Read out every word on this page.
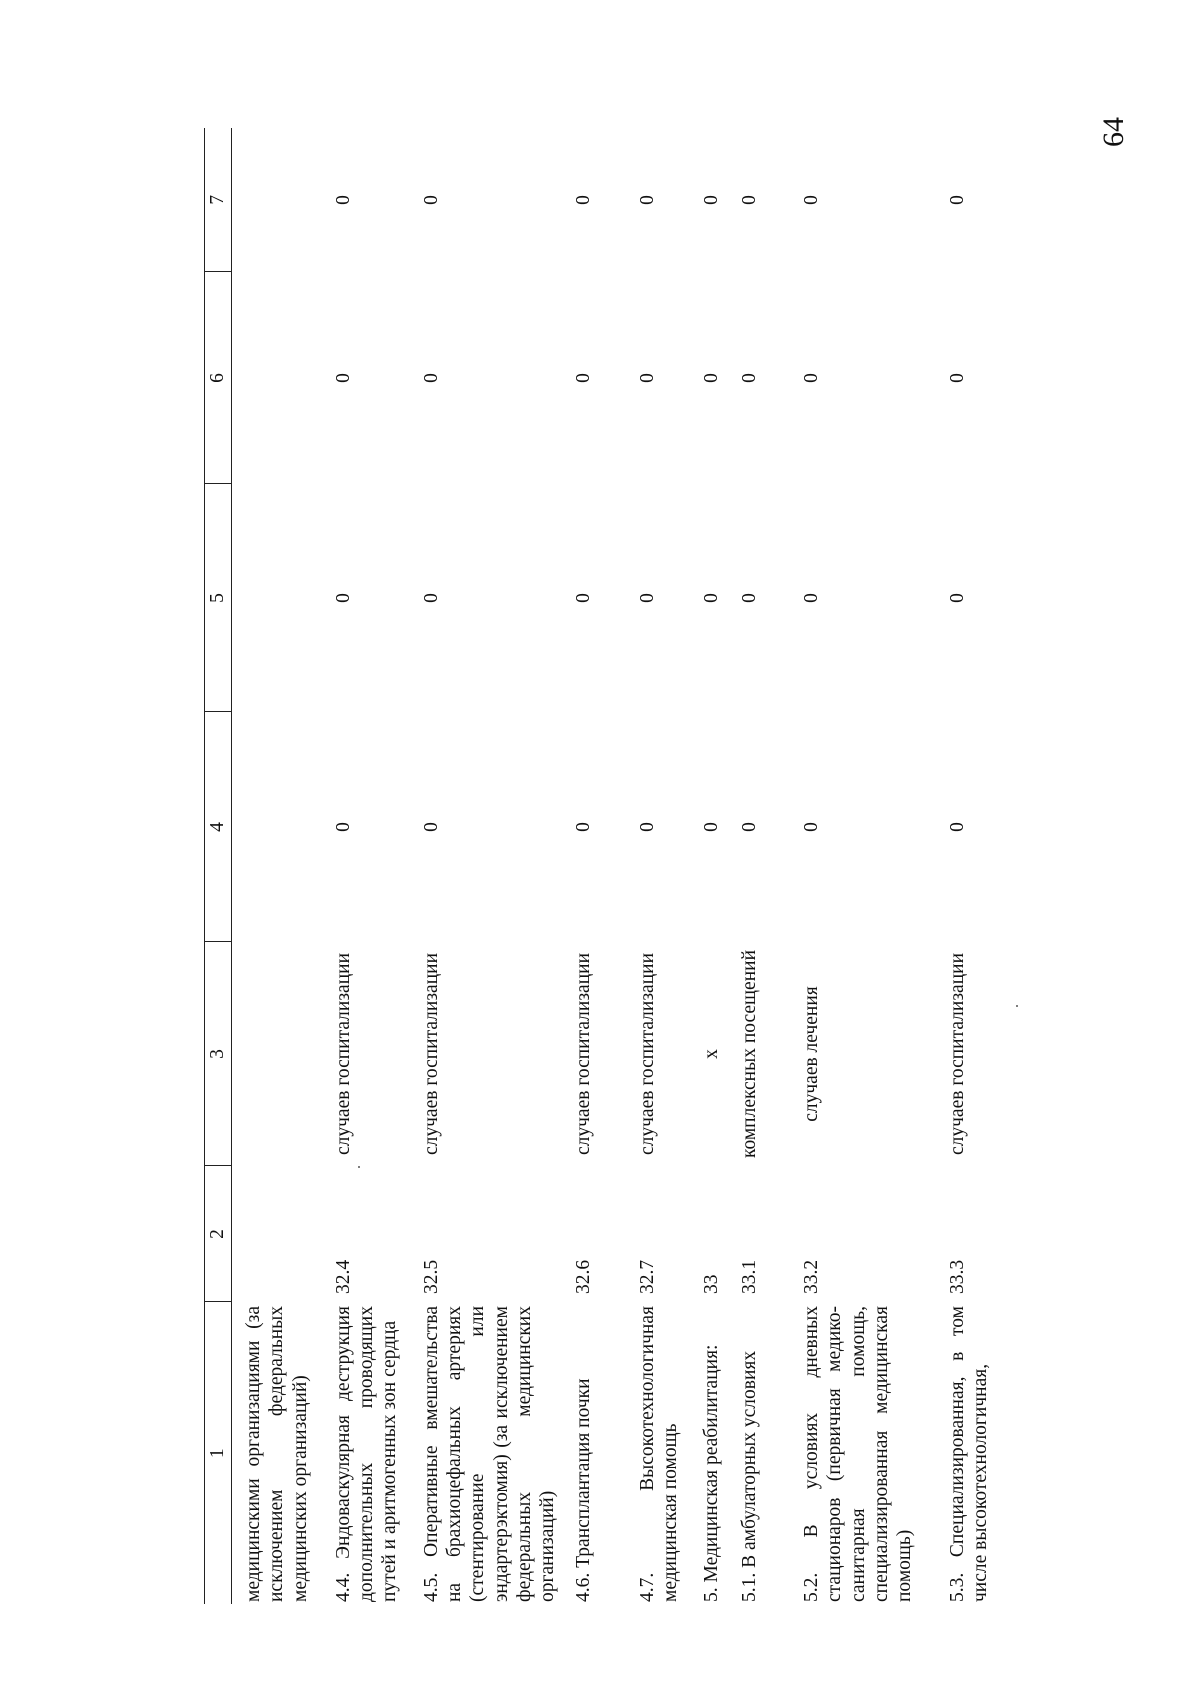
64
1	2	3	4	5	6	7
медицинскими организациями (за исключением федеральных медицинских организаций)						
4.4. Эндоваскулярная деструкция дополнительных проводящих путей и аритмогенных зон сердца	32.4	случаев госпитализации	0	0	0	0
4.5. Оперативные вмешательства на брахиоцефальных артериях (стентирование или эндартерэктомия) (за исключением федеральных медицинских организаций)	32.5	случаев госпитализации	0	0	0	0
4.6. Трансплантация почки	32.6	случаев госпитализации	0	0	0	0
4.7. Высокотехнологичная медицинская помощь	32.7	случаев госпитализации	0	0	0	0
5. Медицинская реабилитация:	33	х	0	0	0	0
5.1. В амбулаторных условиях	33.1	комплексных посещений	0	0	0	0
5.2. В условиях дневных стационаров (первичная медико-санитарная помощь, специализированная медицинская помощь)	33.2	случаев лечения	0	0	0	0
5.3. Специализированная, в том числе высокотехнологичная,	33.3	случаев госпитализации	0	0	0	0
